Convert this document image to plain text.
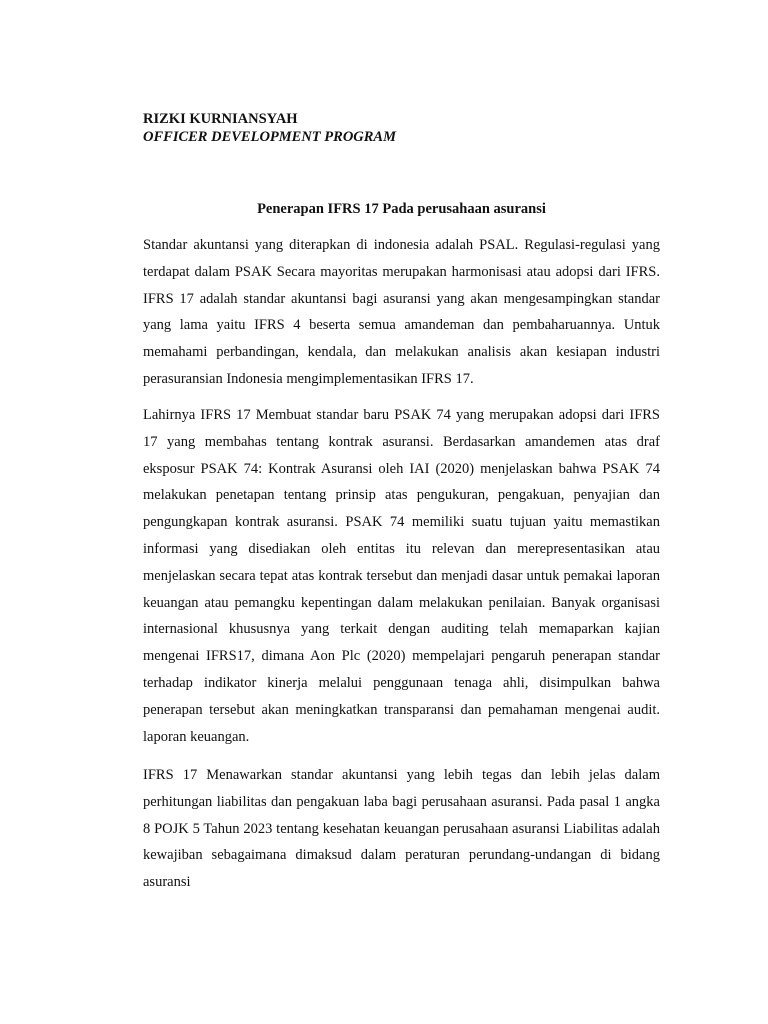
RIZKI KURNIANSYAH
OFFICER DEVELOPMENT PROGRAM
Penerapan IFRS 17 Pada perusahaan asuransi

Standar akuntansi yang diterapkan di indonesia adalah PSAL. Regulasi-regulasi yang terdapat dalam PSAK Secara mayoritas merupakan harmonisasi atau adopsi dari IFRS. IFRS 17 adalah standar akuntansi bagi asuransi yang akan mengesampingkan standar yang lama yaitu IFRS 4 beserta semua amandeman dan pembaharuannya. Untuk memahami perbandingan, kendala, dan melakukan analisis akan kesiapan industri perasuransian Indonesia mengimplementasikan IFRS 17.

Lahirnya IFRS 17 Membuat standar baru PSAK 74 yang merupakan adopsi dari IFRS 17 yang membahas tentang kontrak asuransi. Berdasarkan amandemen atas draf eksposur PSAK 74: Kontrak Asuransi oleh IAI (2020) menjelaskan bahwa PSAK 74 melakukan penetapan tentang prinsip atas pengukuran, pengakuan, penyajian dan pengungkapan kontrak asuransi. PSAK 74 memiliki suatu tujuan yaitu memastikan informasi yang disediakan oleh entitas itu relevan dan merepresentasikan atau menjelaskan secara tepat atas kontrak tersebut dan menjadi dasar untuk pemakai laporan keuangan atau pemangku kepentingan dalam melakukan penilaian. Banyak organisasi internasional khususnya yang terkait dengan auditing telah memaparkan kajian mengenai IFRS17, dimana Aon Plc (2020) mempelajari pengaruh penerapan standar terhadap indikator kinerja melalui penggunaan tenaga ahli, disimpulkan bahwa penerapan tersebut akan meningkatkan transparansi dan pemahaman mengenai audit. laporan keuangan.

IFRS 17 Menawarkan standar akuntansi yang lebih tegas dan lebih jelas dalam perhitungan liabilitas dan pengakuan laba bagi perusahaan asuransi. Pada pasal 1 angka 8 POJK 5 Tahun 2023 tentang kesehatan keuangan perusahaan asuransi Liabilitas adalah kewajiban sebagaimana dimaksud dalam peraturan perundang-undangan di bidang asuransi
